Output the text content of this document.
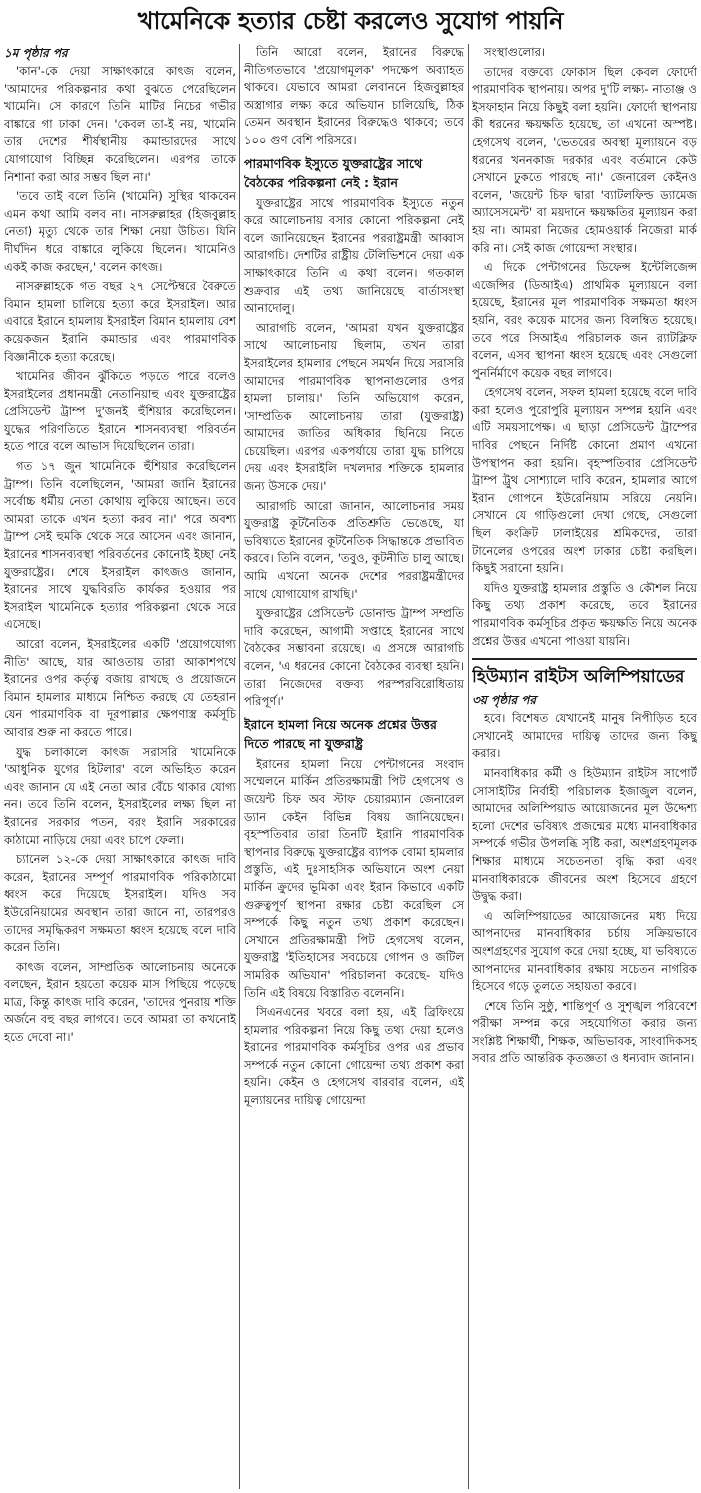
খামেনিকে হত্যার চেষ্টা করলেও সুযোগ পায়নি

১ম পৃষ্ঠার পর

'কান'-কে দেয়া সাক্ষাৎকারে কাৎজ বলেন, 'আমাদের পরিকল্পনার কথা বুঝতে পেরেছিলেন খামেনি। সে কারণে তিনি মাটির নিচের গভীর বাঙ্কারে গা ঢাকা দেন। 'কেবল তা-ই নয়, খামেনি তার দেশের শীর্ষস্থানীয় কমান্ডারদের সাথে যোগাযোগ বিচ্ছিন্ন করেছিলেন। এরপর তাকে নিশানা করা আর সম্ভব ছিল না।'

'তবে তাই বলে তিনি (খামেনি) সুস্থির থাকবেন এমন কথা আমি বলব না। নাসরুল্লাহর (হিজবুল্লাহ নেতা) মৃত্যু থেকে তার শিক্ষা নেয়া উচিত। যিনি দীর্ঘদিন ধরে বাঙ্কারে লুকিয়ে ছিলেন। খামেনিও একই কাজ করছেন,' বলেন কাৎজ।

নাসরুল্লাহকে গত বছর ২৭ সেপ্টেম্বরে বৈরুতে বিমান হামলা চালিয়ে হত্যা করে ইসরাইল। আর এবারে ইরানে হামলায় ইসরাইল বিমান হামলায় বেশ কয়েকজন ইরানি কমান্ডার এবং পারমাণবিক বিজ্ঞানীকে হত্যা করেছে।

খামেনির জীবন ঝুঁকিতে পড়তে পারে বলেও ইসরাইলের প্রধানমন্ত্রী নেতানিয়াহু এবং যুক্তরাষ্ট্রের প্রেসিডেন্ট ট্রাম্প দু'জনই হুঁশিয়ার করেছিলেন। যুদ্ধের পরিণতিতে ইরানে শাসনব্যবস্থা পরিবর্তন হতে পারে বলে আভাস দিয়েছিলেন তারা।

গত ১৭ জুন খামেনিকে হুঁশিয়ার করেছিলেন ট্রাম্প। তিনি বলেছিলেন, 'আমরা জানি ইরানের সর্বোচ্চ ধর্মীয় নেতা কোথায় লুকিয়ে আছেন। তবে আমরা তাকে এখন হত্যা করব না।' পরে অবশ্য ট্রাম্প সেই হুমকি থেকে সরে আসেন এবং জানান, ইরানের শাসনব্যবস্থা পরিবর্তনের কোনোই ইচ্ছা নেই যুক্তরাষ্ট্রের। শেষে ইসরাইল কাৎজও জানান, ইরানের সাথে যুদ্ধবিরতি কার্যকর হওয়ার পর ইসরাইল খামেনিকে হত্যার পরিকল্পনা থেকে সরে এসেছে।

আরো বলেন, ইসরাইলের একটি 'প্রয়োগযোগ্য নীতি' আছে, যার আওতায় তারা আকাশপথে ইরানের ওপর কর্তৃত্ব বজায় রাখছে ও প্রয়োজনে বিমান হামলার মাধ্যমে নিশ্চিত করছে যে তেহরান যেন পারমাণবিক বা দূরপাল্লার ক্ষেপণাস্ত্র কর্মসূচি আবার শুরু না করতে পারে।

যুদ্ধ চলাকালে কাৎজ সরাসরি খামেনিকে 'আধুনিক যুগের হিটলার' বলে অভিহিত করেন এবং জানান যে এই নেতা আর বেঁচে থাকার যোগ্য নন। তবে তিনি বলেন, ইসরাইলের লক্ষ্য ছিল না ইরানের সরকার পতন, বরং ইরানি সরকারের কাঠামো নাড়িয়ে দেয়া এবং চাপে ফেলা।

চ্যানেল ১২-কে দেয়া সাক্ষাৎকারে কাৎজ দাবি করেন, ইরানের সম্পূর্ণ পারমাণবিক পরিকাঠামো ধ্বংস করে দিয়েছে ইসরাইল। যদিও সব ইউরেনিয়ামের অবস্থান তারা জানে না, তারপরও তাদের সমৃদ্ধিকরণ সক্ষমতা ধ্বংস হয়েছে বলে দাবি করেন তিনি।

কাৎজ বলেন, সাম্প্রতিক আলোচনায় অনেকে বলছেন, ইরান হয়তো কয়েক মাস পিছিয়ে পড়েছে মাত্র, কিন্তু কাৎজ দাবি করেন, 'তাদের পুনরায় শক্তি অর্জনে বহু বছর লাগবে। তবে আমরা তা কখনোই হতে দেবো না।'

তিনি আরো বলেন, ইরানের বিরুদ্ধে নীতিগতভাবে 'প্রয়োগমূলক' পদক্ষেপ অব্যাহত থাকবে। যেভাবে আমরা লেবাননে হিজবুল্লাহর অস্ত্রাগার লক্ষ্য করে অভিযান চালিয়েছি, ঠিক তেমন অবস্থান ইরানের বিরুদ্ধেও থাকবে; তবে ১০০ গুণ বেশি পরিসরে।

পারমাণবিক ইস্যুতে যুক্তরাষ্ট্রের সাথে বৈঠকের পরিকল্পনা নেই : ইরান

যুক্তরাষ্ট্রের সাথে পারমাণবিক ইস্যুতে নতুন করে আলোচনায় বসার কোনো পরিকল্পনা নেই বলে জানিয়েছেন ইরানের পররাষ্ট্রমন্ত্রী আব্বাস আরাগচি। দেশটির রাষ্ট্রীয় টেলিভিশনে দেয়া এক সাক্ষাৎকারে তিনি এ কথা বলেন। গতকাল শুক্রবার এই তথ্য জানিয়েছে বার্তাসংস্থা আনাদোলু।

আরাগচি বলেন, 'আমরা যখন যুক্তরাষ্ট্রের সাথে আলোচনায় ছিলাম, তখন তারা ইসরাইলের হামলার পেছনে সমর্থন দিয়ে সরাসরি আমাদের পারমাণবিক স্থাপনাগুলোর ওপর হামলা চালায়।' তিনি অভিযোগ করেন, 'সাম্প্রতিক আলোচনায় তারা (যুক্তরাষ্ট্র) আমাদের জাতির অধিকার ছিনিয়ে নিতে চেয়েছিল। এরপর একপর্যায়ে তারা যুদ্ধ চাপিয়ে দেয় এবং ইসরাইলি দখলদার শক্তিকে হামলার জন্য উসকে দেয়।'

আরাগচি আরো জানান, আলোচনার সময় যুক্তরাষ্ট্র কূটনৈতিক প্রতিশ্রুতি ভেঙেছে, যা ভবিষ্যতে ইরানের কূটনৈতিক সিদ্ধান্তকে প্রভাবিত করবে। তিনি বলেন, 'তবুও, কূটনীতি চালু আছে। আমি এখনো অনেক দেশের পররাষ্ট্রমন্ত্রীদের সাথে যোগাযোগ রাখছি।'

যুক্তরাষ্ট্রের প্রেসিডেন্ট ডোনাল্ড ট্রাম্প সম্প্রতি দাবি করেছেন, আগামী সপ্তাহে ইরানের সাথে বৈঠকের সম্ভাবনা রয়েছে। এ প্রসঙ্গে আরাগচি বলেন, 'এ ধরনের কোনো বৈঠকের ব্যবস্থা হয়নি। তারা নিজেদের বক্তব্য পরস্পরবিরোধিতায় পরিপূর্ণ।'

ইরানে হামলা নিয়ে অনেক প্রশ্নের উত্তর দিতে পারছে না যুক্তরাষ্ট্র

ইরানের হামলা নিয়ে পেন্টাগনের সংবাদ সম্মেলনে মার্কিন প্রতিরক্ষামন্ত্রী পিট হেগসেথ ও জয়েন্ট চিফ অব স্টাফ চেয়ারম্যান জেনারেল ড্যান কেইন বিভিন্ন বিষয় জানিয়েছেন। বৃহস্পতিবার তারা তিনটি ইরানি পারমাণবিক স্থাপনার বিরুদ্ধে যুক্তরাষ্ট্রের ব্যাপক বোমা হামলার প্রস্তুতি, এই দুঃসাহসিক অভিযানে অংশ নেয়া মার্কিন ক্রুদের ভূমিকা এবং ইরান কিভাবে একটি গুরুত্বপূর্ণ স্থাপনা রক্ষার চেষ্টা করেছিল সে সম্পর্কে কিছু নতুন তথ্য প্রকাশ করেছেন। সেখানে প্রতিরক্ষামন্ত্রী পিট হেগসেথ বলেন, যুক্তরাষ্ট্র 'ইতিহাসের সবচেয়ে গোপন ও জটিল সামরিক অভিযান' পরিচালনা করেছে- যদিও তিনি এই বিষয়ে বিস্তারিত বলেননি।

সিএনএনের খবরে বলা হয়, এই ব্রিফিংয়ে হামলার পরিকল্পনা নিয়ে কিছু তথ্য দেয়া হলেও ইরানের পারমাণবিক কর্মসূচির ওপর এর প্রভাব সম্পর্কে নতুন কোনো গোয়েন্দা তথ্য প্রকাশ করা হয়নি। কেইন ও হেগসেথ বারবার বলেন, এই মূল্যায়নের দায়িত্ব গোয়েন্দা

সংস্থাগুলোর।

তাদের বক্তব্যে ফোকাস ছিল কেবল ফোর্দো পারমাণবিক স্থাপনায়। অপর দু'টি লক্ষ্য- নাতাঞ্জ ও ইসফাহান নিয়ে কিছুই বলা হয়নি। ফোর্দো স্থাপনায় কী ধরনের ক্ষয়ক্ষতি হয়েছে, তা এখনো অস্পষ্ট। হেগসেথ বলেন, 'ভেতরের অবস্থা মূল্যায়নে বড় ধরনের খননকাজ দরকার এবং বর্তমানে কেউ সেখানে ঢুকতে পারছে না।' জেনারেল কেইনও বলেন, 'জয়েন্ট চিফ দ্বারা 'ব্যাটলফিল্ড ড্যামেজ অ্যাসেসমেন্ট' বা ময়দানে ক্ষয়ক্ষতির মূল্যায়ন করা হয় না। আমরা নিজের হোমওয়ার্ক নিজেরা মার্ক করি না। সেই কাজ গোয়েন্দা সংস্থার।

এ দিকে পেন্টাগনের ডিফেন্স ইন্টেলিজেন্স এজেন্সির (ডিআইএ) প্রাথমিক মূল্যায়নে বলা হয়েছে, ইরানের মূল পারমাণবিক সক্ষমতা ধ্বংস হয়নি, বরং কয়েক মাসের জন্য বিলম্বিত হয়েছে। তবে পরে সিআইএ পরিচালক জন র‍্যাটক্লিফ বলেন, এসব স্থাপনা ধ্বংস হয়েছে এবং সেগুলো পুনর্নির্মাণে কয়েক বছর লাগবে।

হেগসেথ বলেন, সফল হামলা হয়েছে বলে দাবি করা হলেও পুরোপুরি মূল্যায়ন সম্পন্ন হয়নি এবং এটি সময়সাপেক্ষ। এ ছাড়া প্রেসিডেন্ট ট্রাম্পের দাবির পেছনে নির্দিষ্ট কোনো প্রমাণ এখনো উপস্থাপন করা হয়নি। বৃহস্পতিবার প্রেসিডেন্ট ট্রাম্প ট্রুথ সোশ্যালে দাবি করেন, হামলার আগে ইরান গোপনে ইউরেনিয়াম সরিয়ে নেয়নি। সেখানে যে গাড়িগুলো দেখা গেছে, সেগুলো ছিল কংক্রিট ঢালাইয়ের শ্রমিকদের, তারা টানেলের ওপরের অংশ ঢাকার চেষ্টা করছিল। কিছুই সরানো হয়নি।

যদিও যুক্তরাষ্ট্র হামলার প্রস্তুতি ও কৌশল নিয়ে কিছু তথ্য প্রকাশ করেছে, তবে ইরানের পারমাণবিক কর্মসূচির প্রকৃত ক্ষয়ক্ষতি নিয়ে অনেক প্রশ্নের উত্তর এখনো পাওয়া যায়নি।

হিউম্যান রাইটস অলিম্পিয়াডের

৩য় পৃষ্ঠার পর

হবে। বিশেষত যেখানেই মানুষ নিপীড়িত হবে সেখানেই আমাদের দায়িত্ব তাদের জন্য কিছু করার।

মানবাধিকার কর্মী ও হিউম্যান রাইটস সাপোর্ট সোসাইটির নির্বাহী পরিচালক ইজাজুল বলেন, আমাদের অলিম্পিয়াড আয়োজনের মূল উদ্দেশ্য হলো দেশের ভবিষ্যৎ প্রজন্মের মধ্যে মানবাধিকার সম্পর্কে গভীর উপলব্ধি সৃষ্টি করা, অংশগ্রহণমূলক শিক্ষার মাধ্যমে সচেতনতা বৃদ্ধি করা এবং মানবাধিকারকে জীবনের অংশ হিসেবে গ্রহণে উদ্বুদ্ধ করা।

এ অলিম্পিয়াডের আয়োজনের মধ্য দিয়ে আপনাদের মানবাধিকার চর্চায় সক্রিয়ভাবে অংশগ্রহণের সুযোগ করে দেয়া হচ্ছে, যা ভবিষ্যতে আপনাদের মানবাধিকার রক্ষায় সচেতন নাগরিক হিসেবে গড়ে তুলতে সহায়তা করবে।

শেষে তিনি সুষ্ঠু, শান্তিপূর্ণ ও সুশৃঙ্খল পরিবেশে পরীক্ষা সম্পন্ন করে সহযোগিতা করার জন্য সংশ্লিষ্ট শিক্ষার্থী, শিক্ষক, অভিভাবক, সাংবাদিকসহ সবার প্রতি আন্তরিক কৃতজ্ঞতা ও ধন্যবাদ জানান।
